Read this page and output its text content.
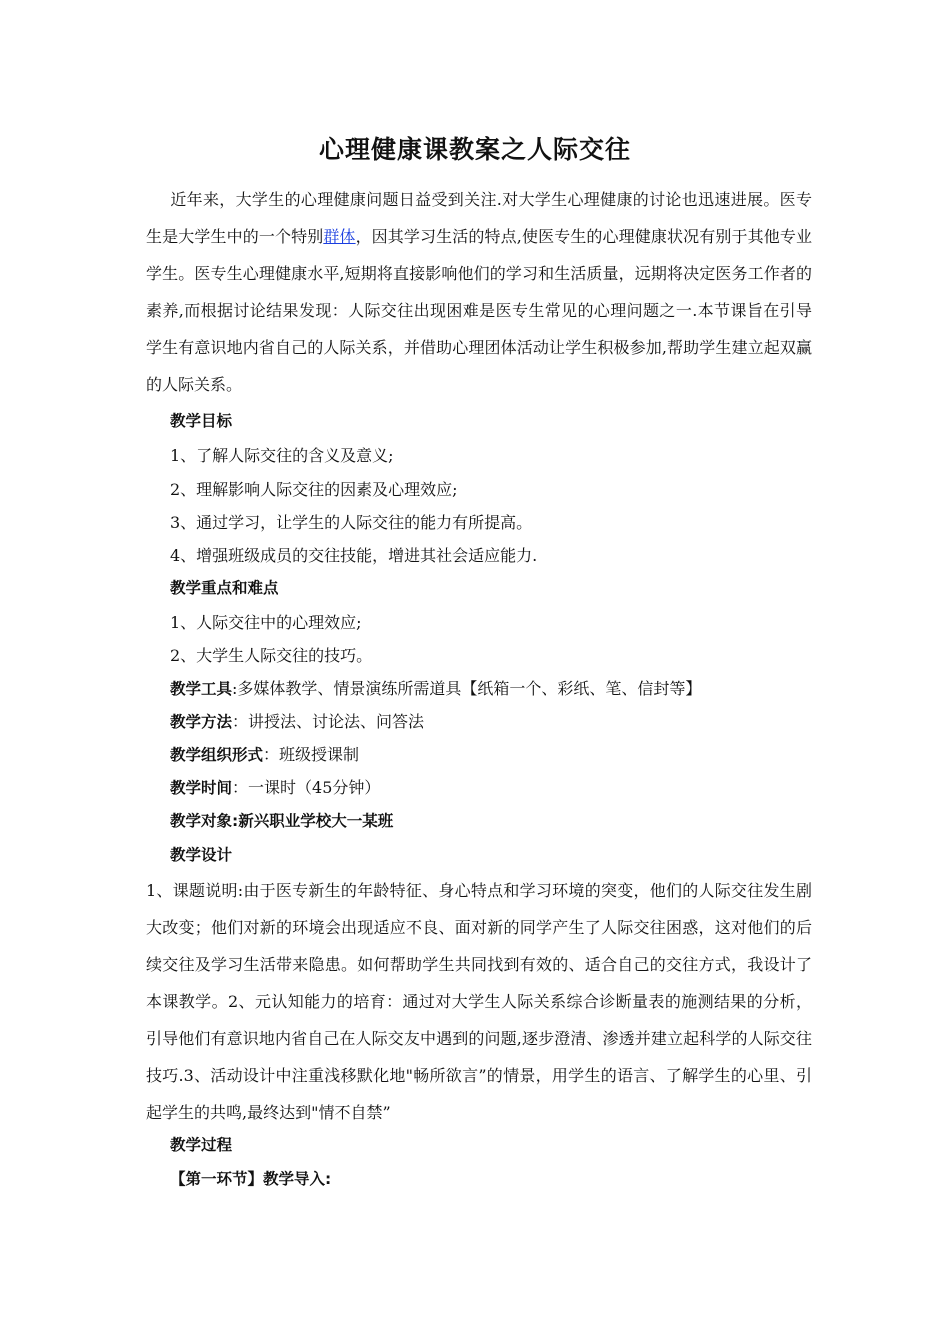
心理健康课教案之人际交往
近年来，大学生的心理健康问题日益受到关注.对大学生心理健康的讨论也迅速进展。医专生是大学生中的一个特别群体，因其学习生活的特点,使医专生的心理健康状况有别于其他专业学生。医专生心理健康水平,短期将直接影响他们的学习和生活质量，远期将决定医务工作者的素养,而根据讨论结果发现：人际交往出现困难是医专生常见的心理问题之一.本节课旨在引导学生有意识地内省自己的人际关系，并借助心理团体活动让学生积极参加,帮助学生建立起双赢的人际关系。
教学目标
1、了解人际交往的含义及意义;
2、理解影响人际交往的因素及心理效应;
3、通过学习，让学生的人际交往的能力有所提高。
4、增强班级成员的交往技能，增进其社会适应能力.
教学重点和难点
1、人际交往中的心理效应;
2、大学生人际交往的技巧。
教学工具:多媒体教学、情景演练所需道具【纸箱一个、彩纸、笔、信封等】
教学方法：讲授法、讨论法、问答法
教学组织形式：班级授课制
教学时间：一课时（45分钟）
教学对象:新兴职业学校大一某班
教学设计
1、课题说明:由于医专新生的年龄特征、身心特点和学习环境的突变，他们的人际交往发生剧大改变；他们对新的环境会出现适应不良、面对新的同学产生了人际交往困惑，这对他们的后续交往及学习生活带来隐患。如何帮助学生共同找到有效的、适合自己的交往方式，我设计了本课教学。2、元认知能力的培育：通过对大学生人际关系综合诊断量表的施测结果的分析，引导他们有意识地内省自己在人际交友中遇到的问题,逐步澄清、渗透并建立起科学的人际交往技巧.3、活动设计中注重浅移默化地"畅所欲言”的情景，用学生的语言、了解学生的心里、引起学生的共鸣,最终达到"情不自禁”
教学过程
【第一环节】教学导入:
